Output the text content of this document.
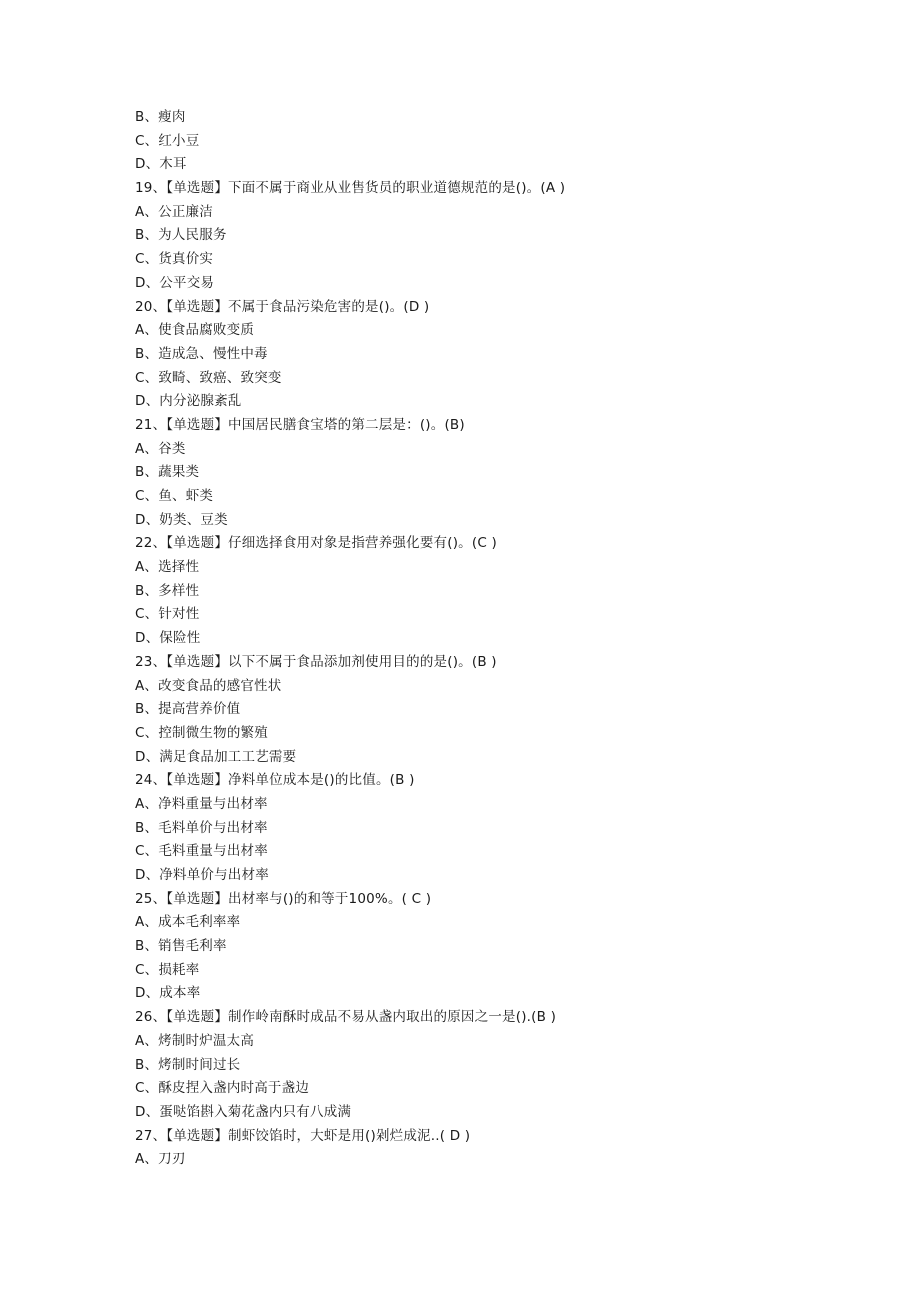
B、瘦肉
C、红小豆
D、木耳
19、【单选题】下面不属于商业从业售货员的职业道德规范的是()。(A )
A、公正廉洁
B、为人民服务
C、货真价实
D、公平交易
20、【单选题】不属于食品污染危害的是()。(D )
A、使食品腐败变质
B、造成急、慢性中毒
C、致畸、致癌、致突变
D、内分泌腺紊乱
21、【单选题】中国居民膳食宝塔的第二层是：()。(B)
A、谷类
B、蔬果类
C、鱼、虾类
D、奶类、豆类
22、【单选题】仔细选择食用对象是指营养强化要有()。(C )
A、选择性
B、多样性
C、针对性
D、保险性
23、【单选题】以下不属于食品添加剂使用目的的是()。(B )
A、改变食品的感官性状
B、提高营养价值
C、控制微生物的繁殖
D、满足食品加工工艺需要
24、【单选题】净料单位成本是()的比值。(B )
A、净料重量与出材率
B、毛料单价与出材率
C、毛料重量与出材率
D、净料单价与出材率
25、【单选题】出材率与()的和等于100%。( C )
A、成本毛利率率
B、销售毛利率
C、损耗率
D、成本率
26、【单选题】制作岭南酥时成品不易从盏内取出的原因之一是().(B )
A、烤制时炉温太高
B、烤制时间过长
C、酥皮捏入盏内时高于盏边
D、蛋哒馅斟入菊花盏内只有八成满
27、【单选题】制虾饺馅时，大虾是用()剁烂成泥..( D )
A、刀刃
